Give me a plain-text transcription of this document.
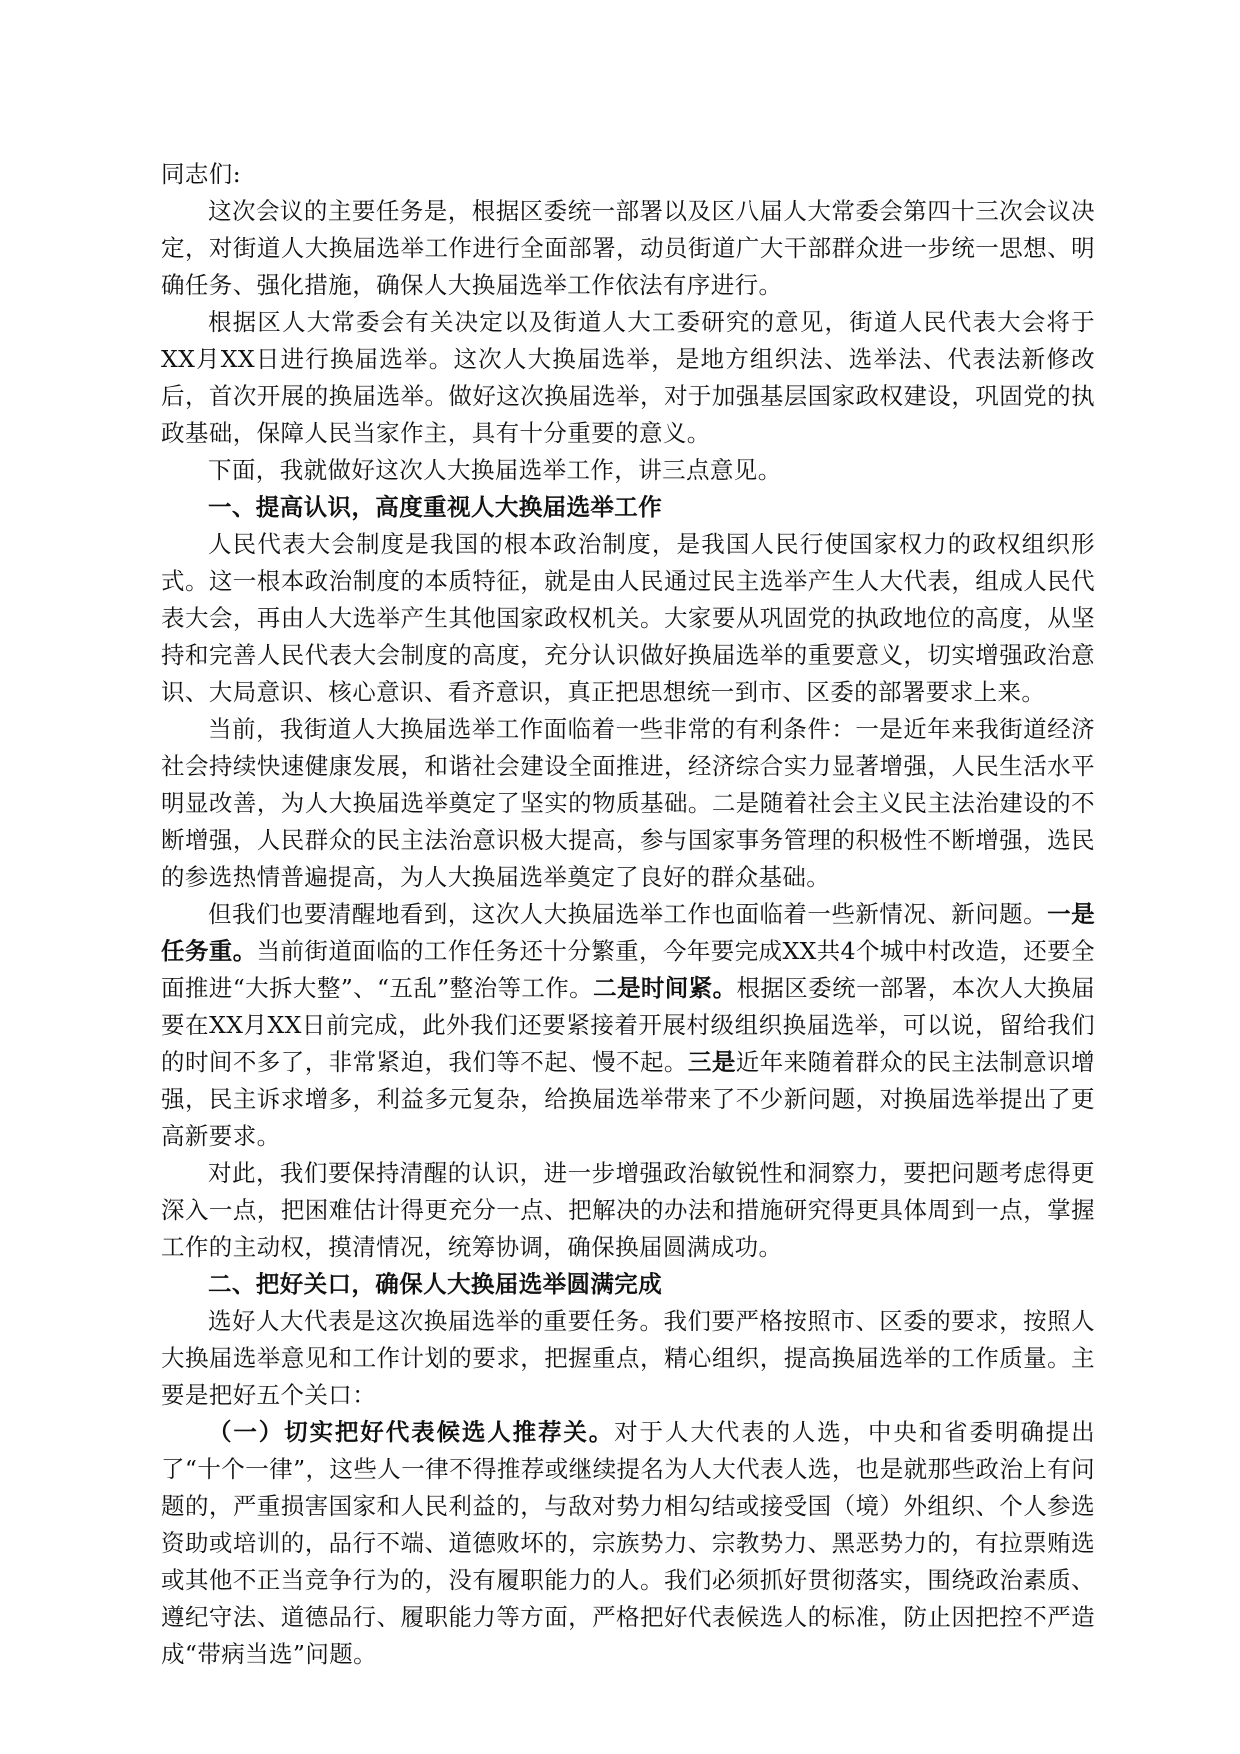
同志们:

这次会议的主要任务是，根据区委统一部署以及区八届人大常委会第四十三次会议决定，对街道人大换届选举工作进行全面部署，动员街道广大干部群众进一步统一思想、明确任务、强化措施，确保人大换届选举工作依法有序进行。

根据区人大常委会有关决定以及街道人大工委研究的意见，街道人民代表大会将于XX月XX日进行换届选举。这次人大换届选举，是地方组织法、选举法、代表法新修改后，首次开展的换届选举。做好这次换届选举，对于加强基层国家政权建设，巩固党的执政基础，保障人民当家作主，具有十分重要的意义。

下面，我就做好这次人大换届选举工作，讲三点意见。

一、提高认识，高度重视人大换届选举工作

人民代表大会制度是我国的根本政治制度，是我国人民行使国家权力的政权组织形式。这一根本政治制度的本质特征，就是由人民通过民主选举产生人大代表，组成人民代表大会，再由人大选举产生其他国家政权机关。大家要从巩固党的执政地位的高度，从坚持和完善人民代表大会制度的高度，充分认识做好换届选举的重要意义，切实增强政治意识、大局意识、核心意识、看齐意识，真正把思想统一到市、区委的部署要求上来。

当前，我街道人大换届选举工作面临着一些非常的有利条件：一是近年来我街道经济社会持续快速健康发展，和谐社会建设全面推进，经济综合实力显著增强，人民生活水平明显改善，为人大换届选举奠定了坚实的物质基础。二是随着社会主义民主法治建设的不断增强，人民群众的民主法治意识极大提高，参与国家事务管理的积极性不断增强，选民的参选热情普遍提高，为人大换届选举奠定了良好的群众基础。

但我们也要清醒地看到，这次人大换届选举工作也面临着一些新情况、新问题。一是任务重。当前街道面临的工作任务还十分繁重，今年要完成XX共4个城中村改造，还要全面推进“大拆大整”、“五乱”整治等工作。二是时间紧。根据区委统一部署，本次人大换届要在XX月XX日前完成，此外我们还要紧接着开展村级组织换届选举，可以说，留给我们的时间不多了，非常紧迫，我们等不起、慢不起。三是近年来随着群众的民主法制意识增强，民主诉求增多，利益多元复杂，给换届选举带来了不少新问题，对换届选举提出了更高新要求。

对此，我们要保持清醒的认识，进一步增强政治敏锐性和洞察力，要把问题考虑得更深入一点，把困难估计得更充分一点、把解决的办法和措施研究得更具体周到一点，掌握工作的主动权，摸清情况，统筹协调，确保换届圆满成功。

二、把好关口，确保人大换届选举圆满完成

选好人大代表是这次换届选举的重要任务。我们要严格按照市、区委的要求，按照人大换届选举意见和工作计划的要求，把握重点，精心组织，提高换届选举的工作质量。主要是把好五个关口：

（一）切实把好代表候选人推荐关。对于人大代表的人选，中央和省委明确提出了“十个一律”，这些人一律不得推荐或继续提名为人大代表人选，也是就那些政治上有问题的，严重损害国家和人民利益的，与敌对势力相勾结或接受国（境）外组织、个人参选资助或培训的，品行不端、道德败坏的，宗族势力、宗教势力、黑恶势力的，有拉票贿选或其他不正当竞争行为的，没有履职能力的人。我们必须抓好贯彻落实，围绕政治素质、遵纪守法、道德品行、履职能力等方面，严格把好代表候选人的标准，防止因把控不严造成“带病当选”问题。
